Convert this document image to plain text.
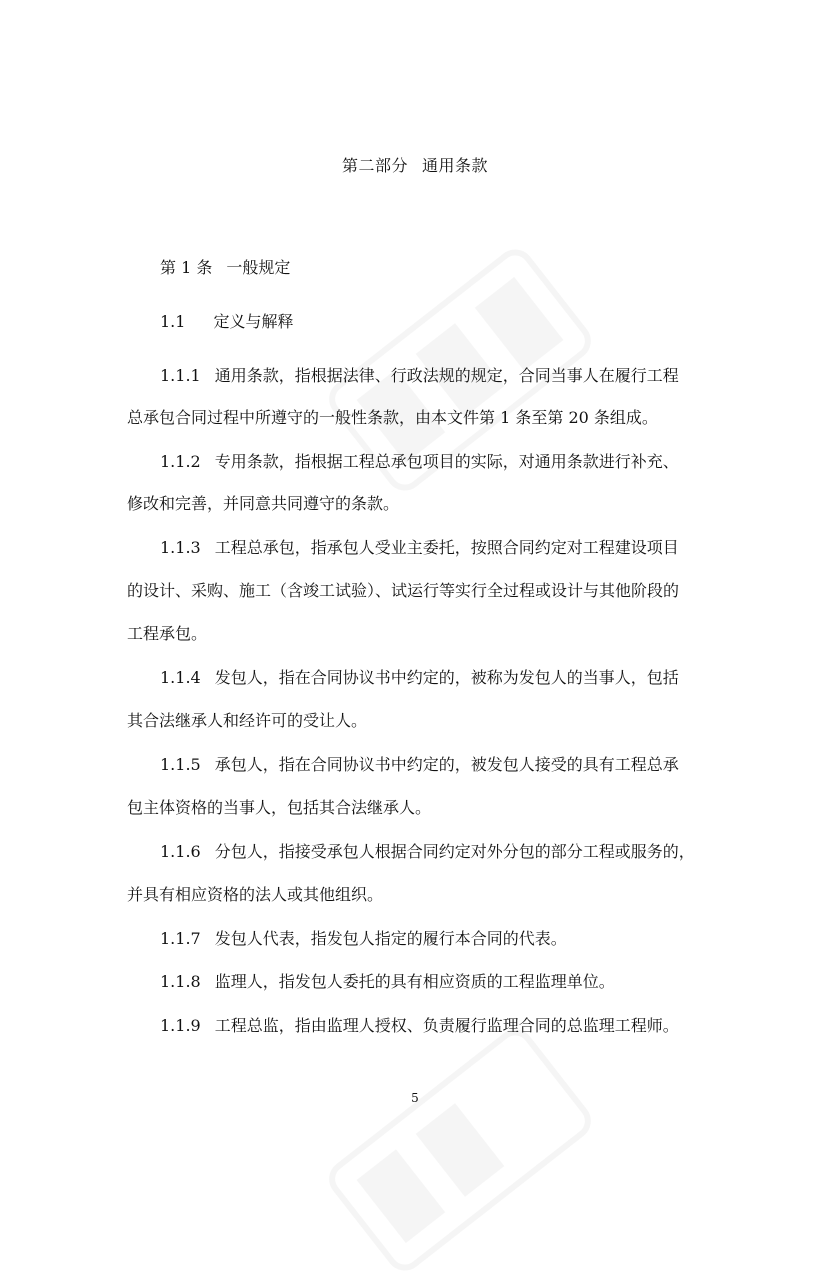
第二部分 通用条款
第 1 条 一般规定
1.1 定义与解释
1.1.1 通用条款，指根据法律、行政法规的规定，合同当事人在履行工程
总承包合同过程中所遵守的一般性条款，由本文件第 1 条至第 20 条组成。
1.1.2 专用条款，指根据工程总承包项目的实际，对通用条款进行补充、
修改和完善，并同意共同遵守的条款。
1.1.3 工程总承包，指承包人受业主委托，按照合同约定对工程建设项目
的设计、采购、施工（含竣工试验）、试运行等实行全过程或设计与其他阶段的
工程承包。
1.1.4 发包人，指在合同协议书中约定的，被称为发包人的当事人，包括
其合法继承人和经许可的受让人。
1.1.5 承包人，指在合同协议书中约定的，被发包人接受的具有工程总承
包主体资格的当事人，包括其合法继承人。
1.1.6 分包人，指接受承包人根据合同约定对外分包的部分工程或服务的，
并具有相应资格的法人或其他组织。
1.1.7 发包人代表，指发包人指定的履行本合同的代表。
1.1.8 监理人，指发包人委托的具有相应资质的工程监理单位。
1.1.9 工程总监，指由监理人授权、负责履行监理合同的总监理工程师。
5
